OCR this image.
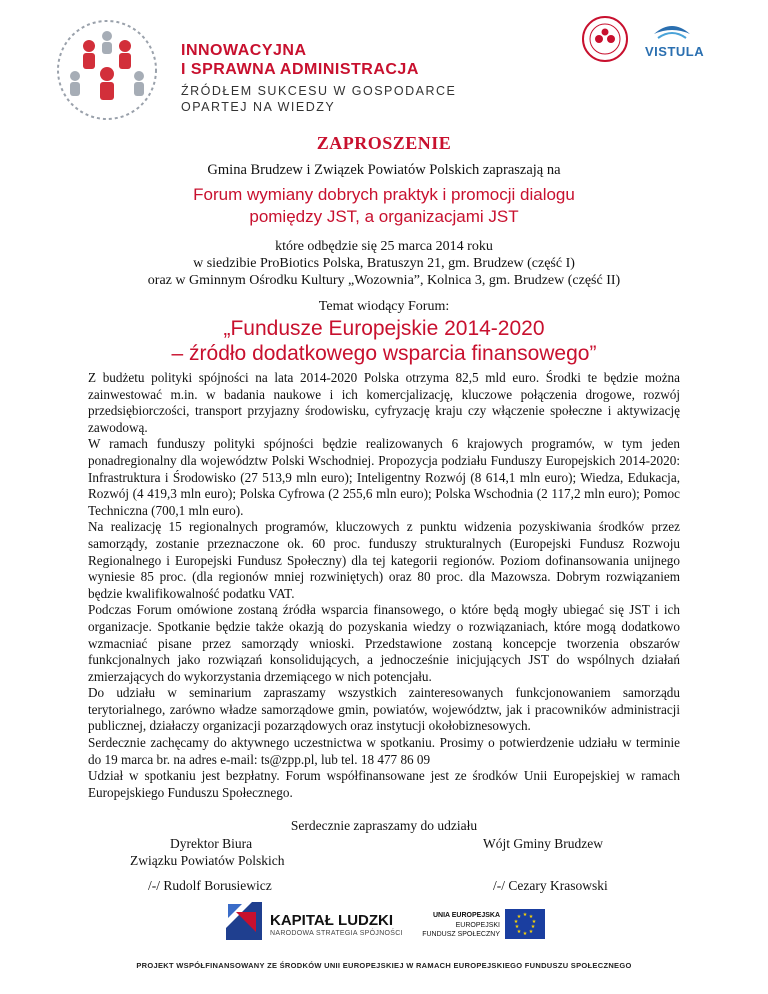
INNOWACYJNA
I SPRAWNA ADMINISTRACJA
ŹRÓDŁEM SUKCESU W GOSPODARCE
OPARTEJ NA WIEDZY
VISTULA
ZAPROSZENIE
Gmina Brudzew i Związek Powiatów Polskich zapraszają na
Forum wymiany dobrych praktyk i promocji dialogu
pomiędzy JST, a organizacjami JST
które odbędzie się 25 marca 2014 roku
w siedzibie ProBiotics Polska, Bratuszyn 21, gm. Brudzew (część I)
oraz w Gminnym Ośrodku Kultury „Wozownia”, Kolnica 3, gm. Brudzew (część II)
Temat wiodący Forum:
„Fundusze Europejskie 2014-2020
– źródło dodatkowego wsparcia finansowego”

Z budżetu polityki spójności na lata 2014-2020 Polska otrzyma 82,5 mld euro. Środki te będzie można zainwestować m.in. w badania naukowe i ich komercjalizację, kluczowe połączenia drogowe, rozwój przedsiębiorczości, transport przyjazny środowisku, cyfryzację kraju czy włączenie społeczne i aktywizację zawodową.

W ramach funduszy polityki spójności będzie realizowanych 6 krajowych programów, w tym jeden ponadregionalny dla województw Polski Wschodniej. Propozycja podziału Funduszy Europejskich 2014-2020: Infrastruktura i Środowisko (27 513,9 mln euro); Inteligentny Rozwój (8 614,1 mln euro); Wiedza, Edukacja, Rozwój (4 419,3 mln euro); Polska Cyfrowa (2 255,6 mln euro); Polska Wschodnia (2 117,2 mln euro); Pomoc Techniczna (700,1 mln euro).

Na realizację 15 regionalnych programów, kluczowych z punktu widzenia pozyskiwania środków przez samorządy, zostanie przeznaczone ok. 60 proc. funduszy strukturalnych (Europejski Fundusz Rozwoju Regionalnego i Europejski Fundusz Społeczny) dla tej kategorii regionów. Poziom dofinansowania unijnego wyniesie 85 proc. (dla regionów mniej rozwiniętych) oraz 80 proc. dla Mazowsza. Dobrym rozwiązaniem będzie kwalifikowalność podatku VAT.

Podczas Forum omówione zostaną źródła wsparcia finansowego, o które będą mogły ubiegać się JST i ich organizacje. Spotkanie będzie także okazją do pozyskania wiedzy o rozwiązaniach, które mogą dodatkowo wzmacniać pisane przez samorządy wnioski. Przedstawione zostaną koncepcje tworzenia obszarów funkcjonalnych jako rozwiązań konsolidujących, a jednocześnie inicjujących JST do wspólnych działań zmierzających do wykorzystania drzemiącego w nich potencjału.

Do udziału w seminarium zapraszamy wszystkich zainteresowanych funkcjonowaniem samorządu terytorialnego, zarówno władze samorządowe gmin, powiatów, województw, jak i pracowników administracji publicznej, działaczy organizacji pozarządowych oraz instytucji okołobiznesowych.

Serdecznie zachęcamy do aktywnego uczestnictwa w spotkaniu. Prosimy o potwierdzenie udziału w terminie do 19 marca br. na adres e-mail: ts@zpp.pl, lub tel. 18 477 86 09

Udział w spotkaniu jest bezpłatny. Forum współfinansowane jest ze środków Unii Europejskiej w ramach Europejskiego Funduszu Społecznego.

Serdecznie zapraszamy do udziału
Dyrektor Biura
Związku Powiatów Polskich
Wójt Gminy Brudzew
/-/ Rudolf Borusiewicz	/-/ Cezary Krasowski
KAPITAŁ LUDZKI
NARODOWA STRATEGIA SPÓJNOŚCI
UNIA EUROPEJSKA
EUROPEJSKI
FUNDUSZ SPOŁECZNY
★ ★
★
★
★
★
★
★
★
★
PROJEKT WSPÓŁFINANSOWANY ZE ŚRODKÓW UNII EUROPEJSKIEJ W RAMACH EUROPEJSKIEGO FUNDUSZU SPOŁECZNEGO
